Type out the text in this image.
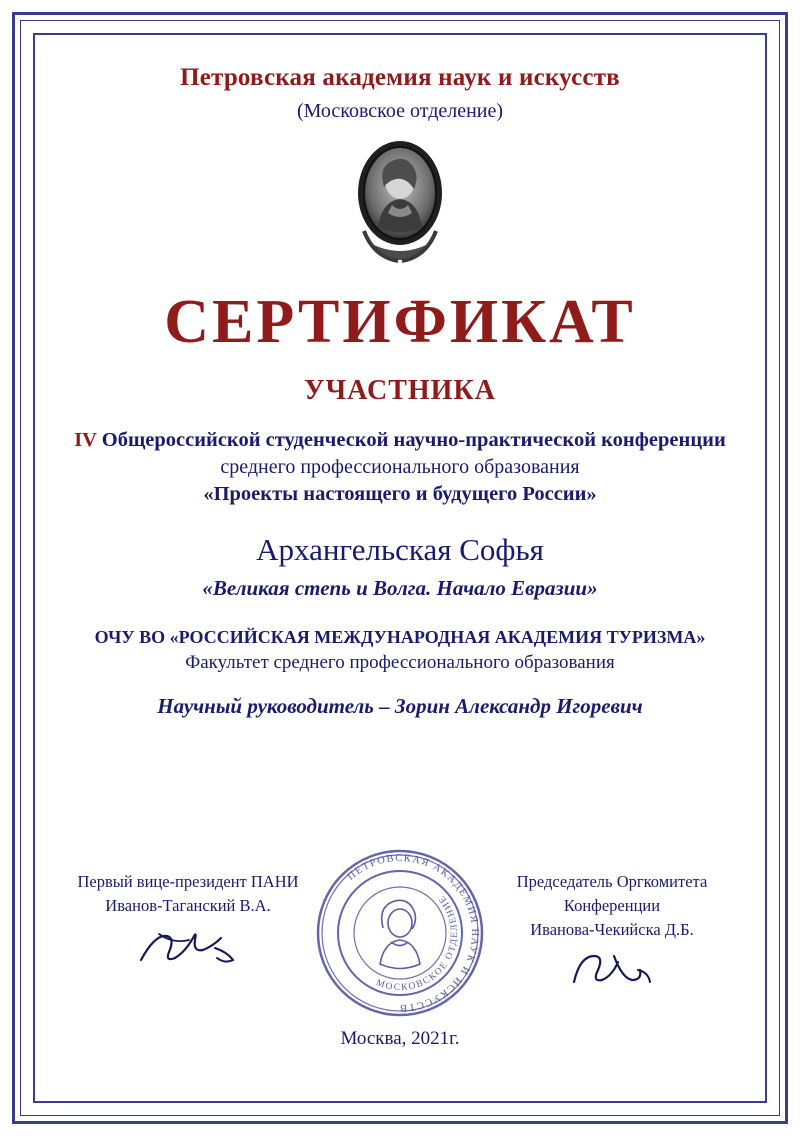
Петровская академия наук и искусств
(Московское отделение)
СЕРТИФИКАТ
УЧАСТНИКА
IV Общероссийской студенческой научно-практической конференции
среднего профессионального образования
«Проекты настоящего и будущего России»
Архангельская Софья
«Великая степь и Волга. Начало Евразии»
ОЧУ ВО «РОССИЙСКАЯ МЕЖДУНАРОДНАЯ АКАДЕМИЯ ТУРИЗМА»
Факультет среднего профессионального образования
Научный руководитель – Зорин Александр Игоревич
Первый вице-президент ПАНИ
Иванов-Таганский В.А.
ПЕТРОВСКАЯ АКАДЕМИЯ НАУК И ИСКУССТВ
МОСКОВСКОЕ ОТДЕЛЕНИЕ
Председатель Оргкомитета
Конференции
Иванова-Чекийска Д.Б.
Москва, 2021г.
